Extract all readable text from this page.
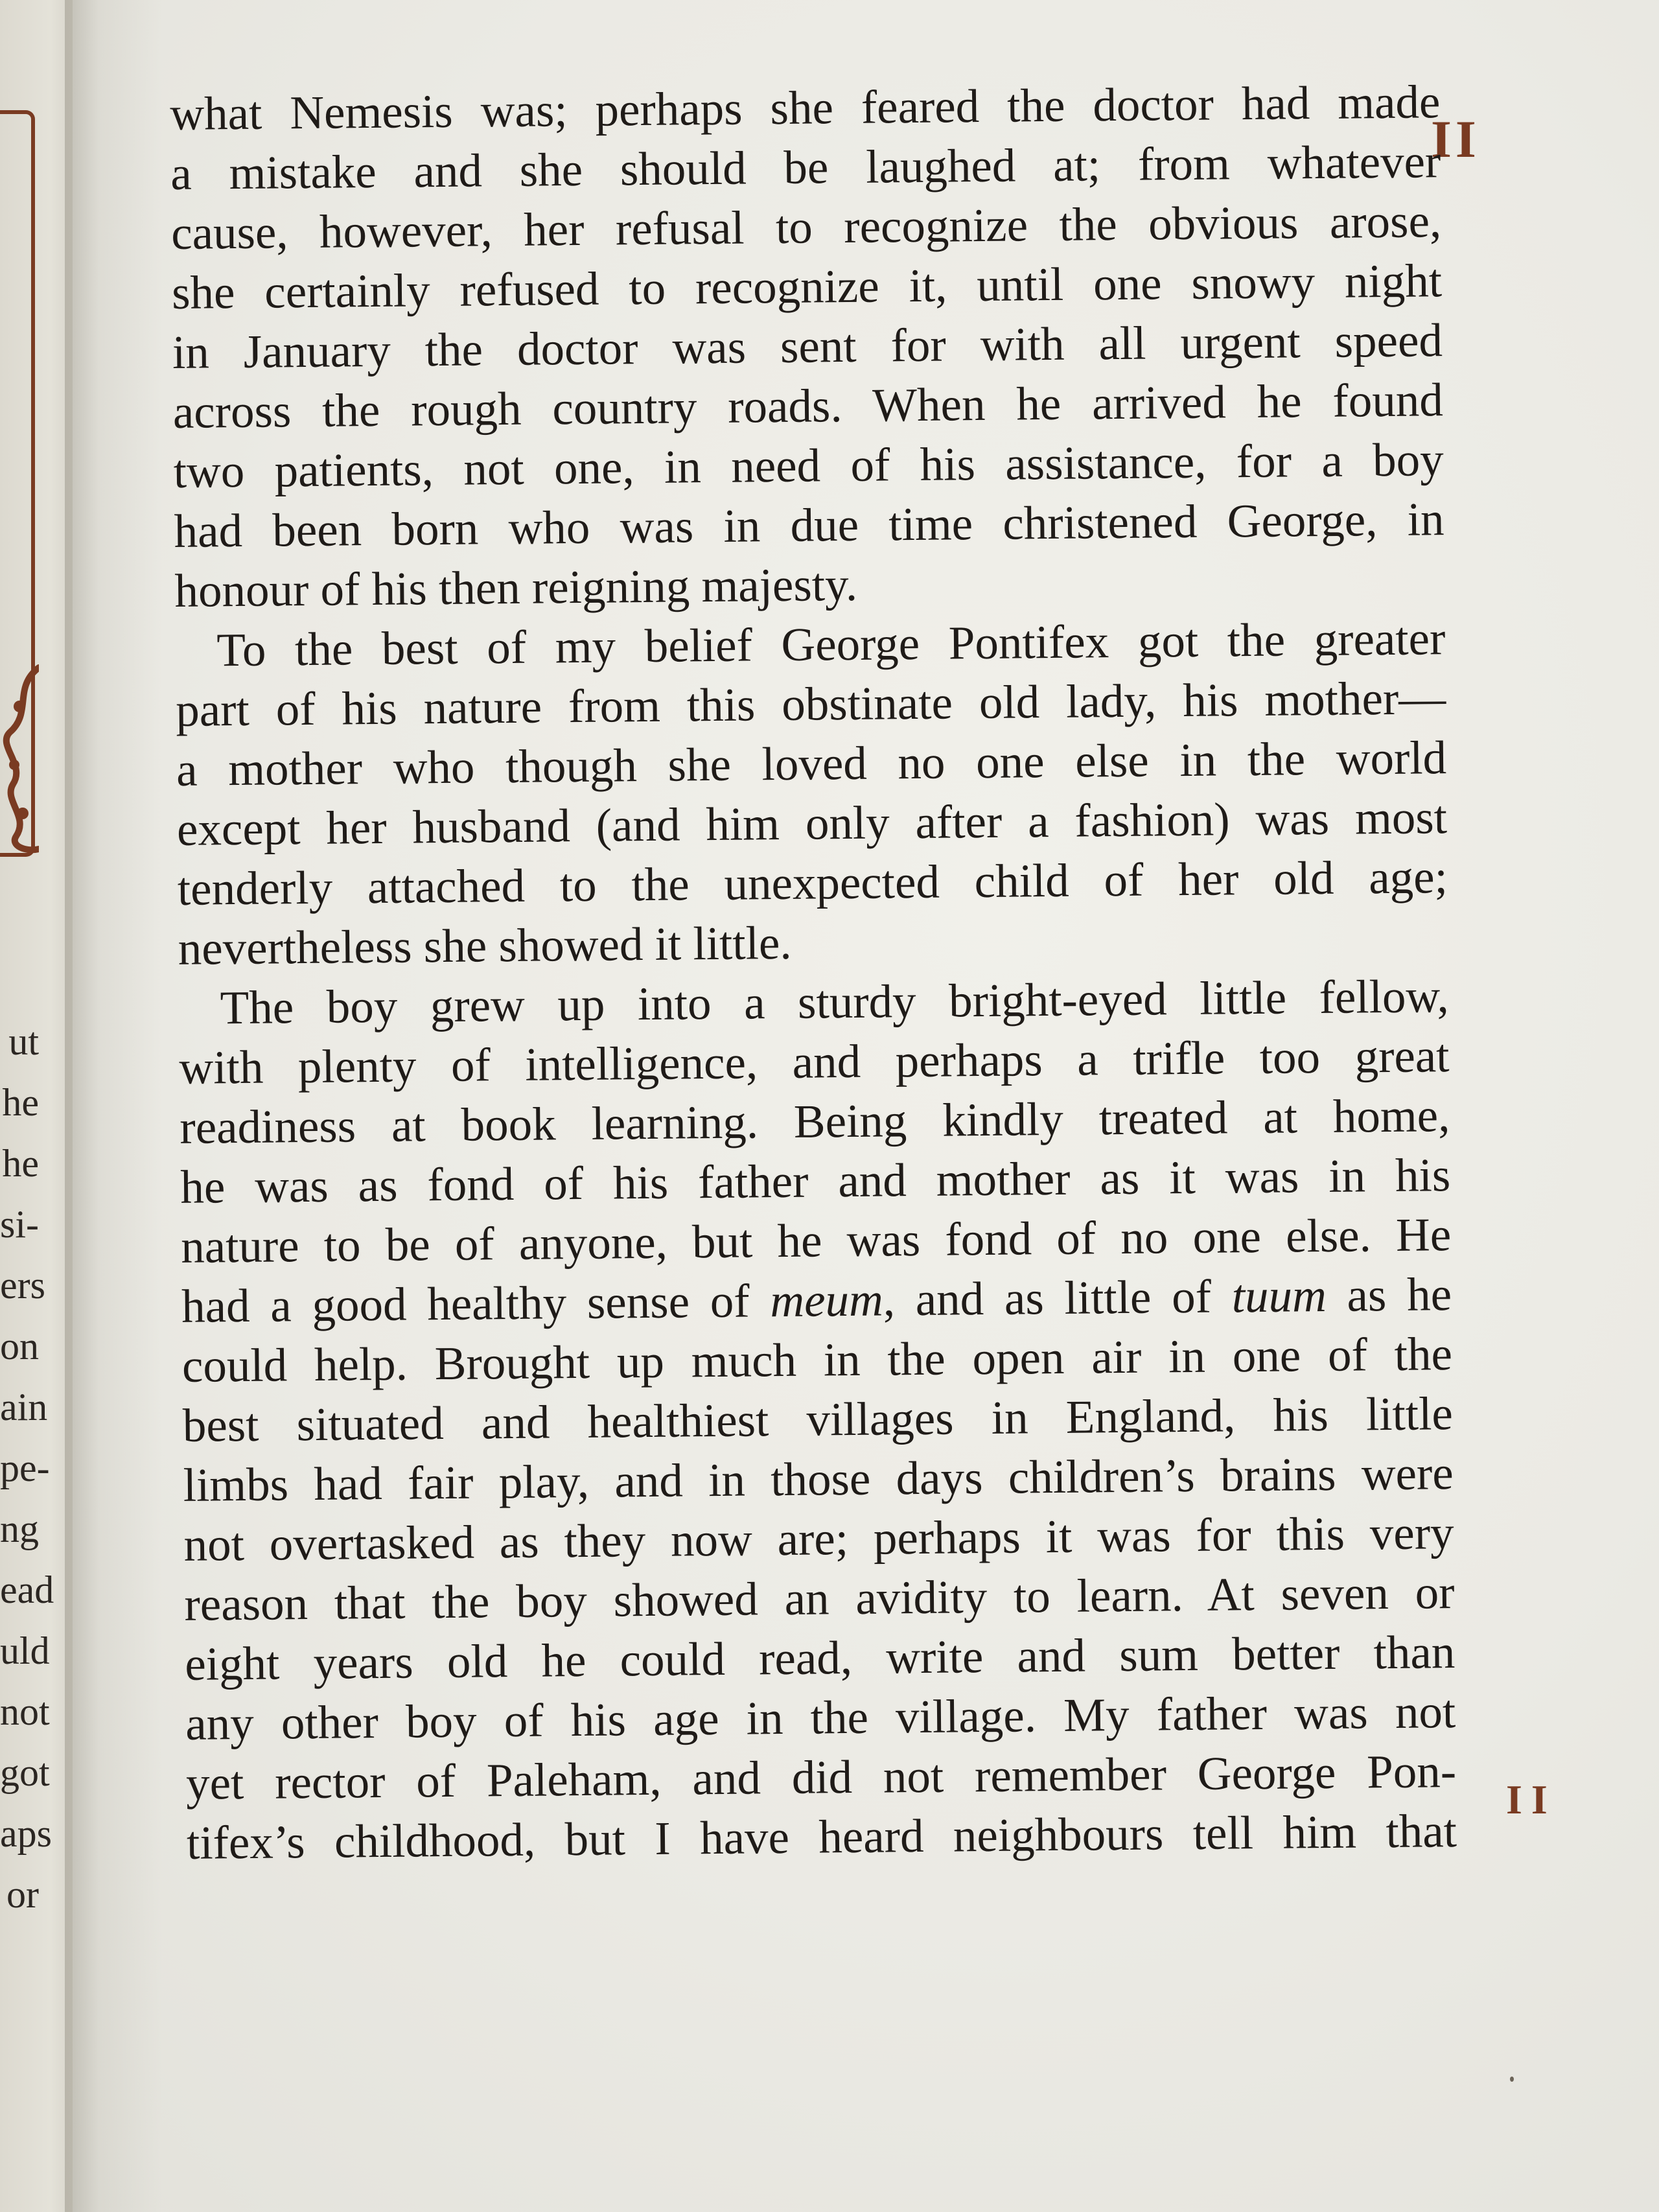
ut
he
he
si-
ers
on
ain
pe-
ng
ead
uld
not
got
aps
or
II
what Nemesis was; perhaps she feared the doctor had made
a mistake and she should be laughed at; from whatever
cause, however, her refusal to recognize the obvious arose,
she certainly refused to recognize it, until one snowy night
in January the doctor was sent for with all urgent speed
across the rough country roads. When he arrived he found
two patients, not one, in need of his assistance, for a boy
had been born who was in due time christened George, in
honour of his then reigning majesty.
To the best of my belief George Pontifex got the greater
part of his nature from this obstinate old lady, his mother—
a mother who though she loved no one else in the world
except her husband (and him only after a fashion) was most
tenderly attached to the unexpected child of her old age;
nevertheless she showed it little.
The boy grew up into a sturdy bright-eyed little fellow,
with plenty of intelligence, and perhaps a trifle too great
readiness at book learning. Being kindly treated at home,
he was as fond of his father and mother as it was in his
nature to be of anyone, but he was fond of no one else. He
had a good healthy sense of meum, and as little of tuum as he
could help. Brought up much in the open air in one of the
best situated and healthiest villages in England, his little
limbs had fair play, and in those days children’s brains were
not overtasked as they now are; perhaps it was for this very
reason that the boy showed an avidity to learn. At seven or
eight years old he could read, write and sum better than
any other boy of his age in the village. My father was not
yet rector of Paleham, and did not remember George Pon-
tifex’s childhood, but I have heard neighbours tell him that
II
